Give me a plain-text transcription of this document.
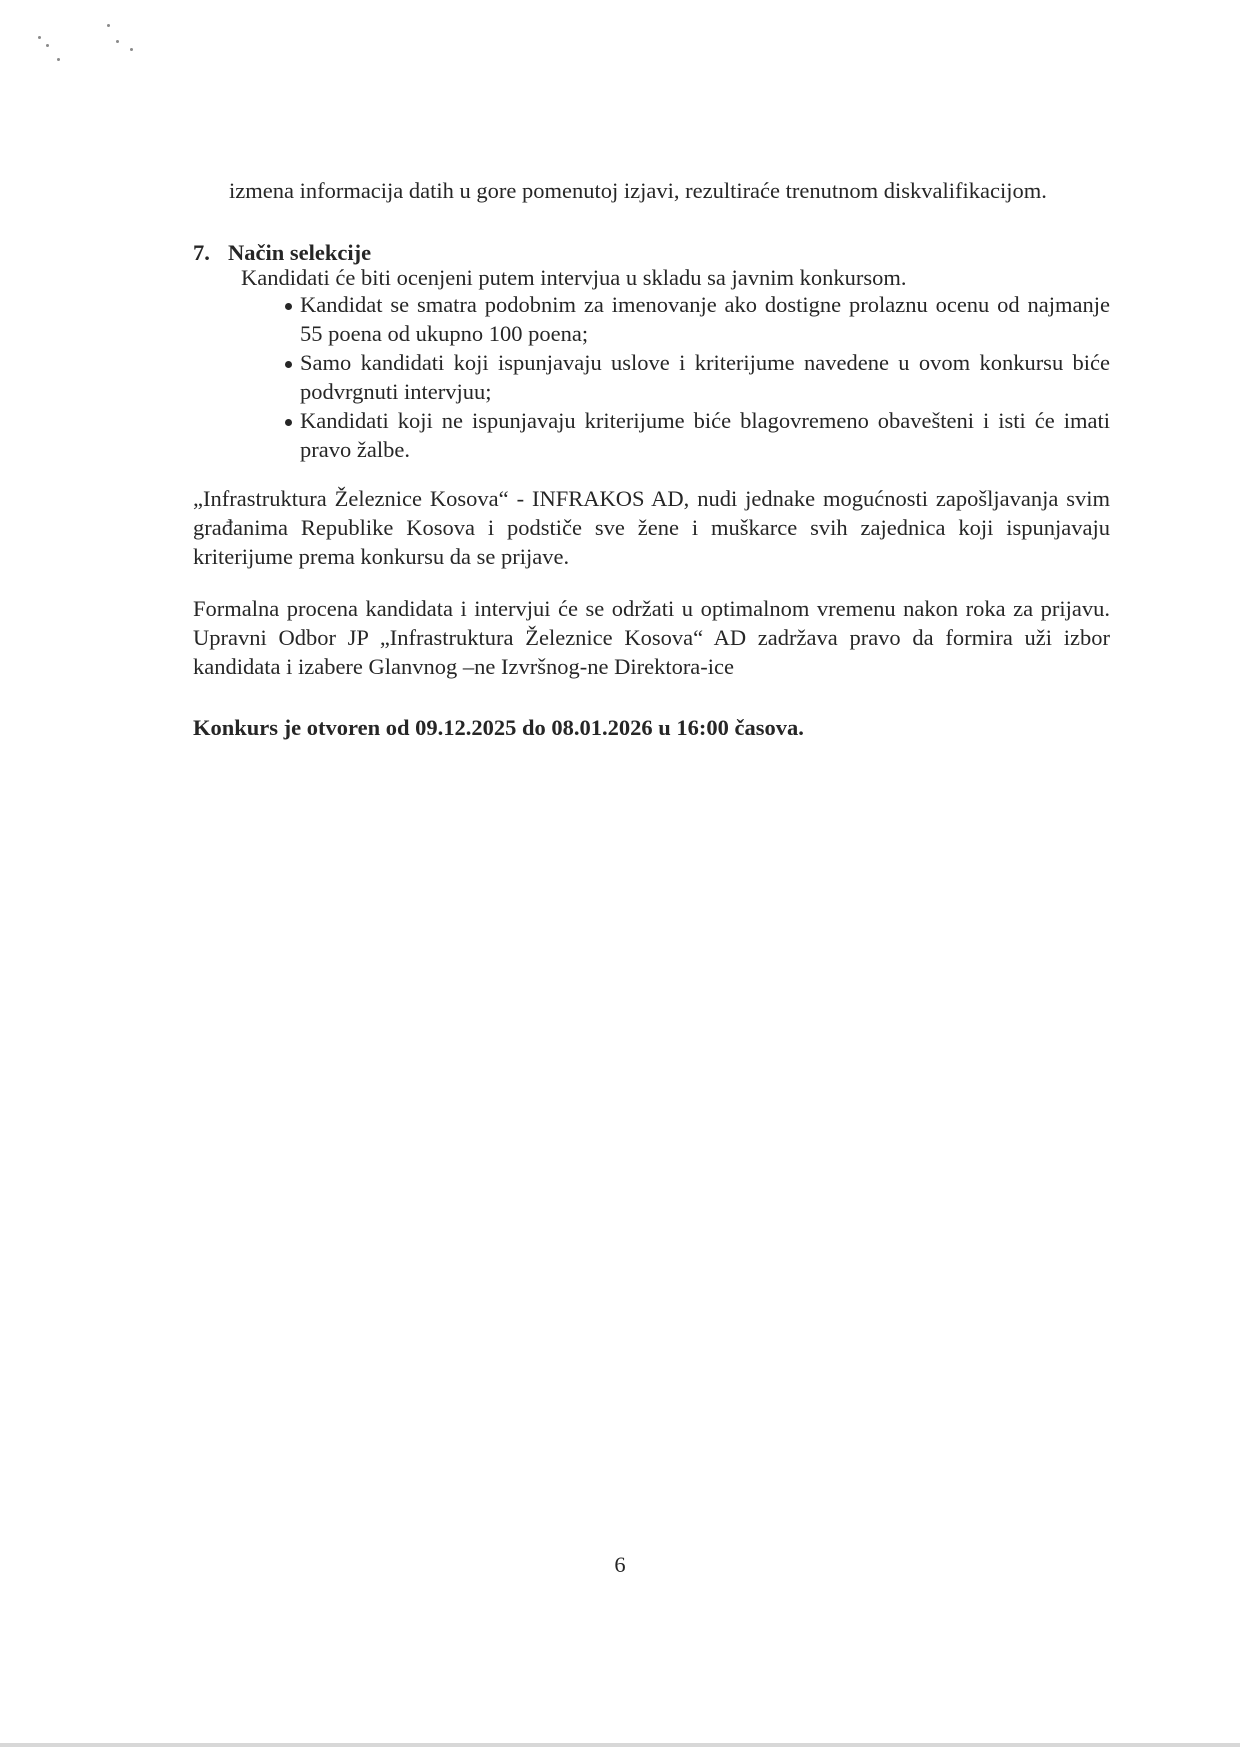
izmena informacija datih u gore pomenutoj izjavi, rezultiraće trenutnom diskvalifikacijom.
7. Način selekcije
Kandidati će biti ocenjeni putem intervjua u skladu sa javnim konkursom.
Kandidat se smatra podobnim za imenovanje ako dostigne prolaznu ocenu od najmanje 55 poena od ukupno 100 poena;
Samo kandidati koji ispunjavaju uslove i kriterijume navedene u ovom konkursu biće podvrgnuti intervjuu;
Kandidati koji ne ispunjavaju kriterijume biće blagovremeno obavešteni i isti će imati pravo žalbe.
„Infrastruktura Železnice Kosova“ - INFRAKOS AD, nudi jednake mogućnosti zapošljavanja svim građanima Republike Kosova i podstiče sve žene i muškarce svih zajednica koji ispunjavaju kriterijume prema konkursu da se prijave.
Formalna procena kandidata i intervjui će se održati u optimalnom vremenu nakon roka za prijavu. Upravni Odbor JP „Infrastruktura Železnice Kosova“ AD zadržava pravo da formira uži izbor kandidata i izabere Glanvnog –ne Izvršnog-ne Direktora-ice
Konkurs je otvoren od 09.12.2025 do 08.01.2026 u 16:00 časova.
6
